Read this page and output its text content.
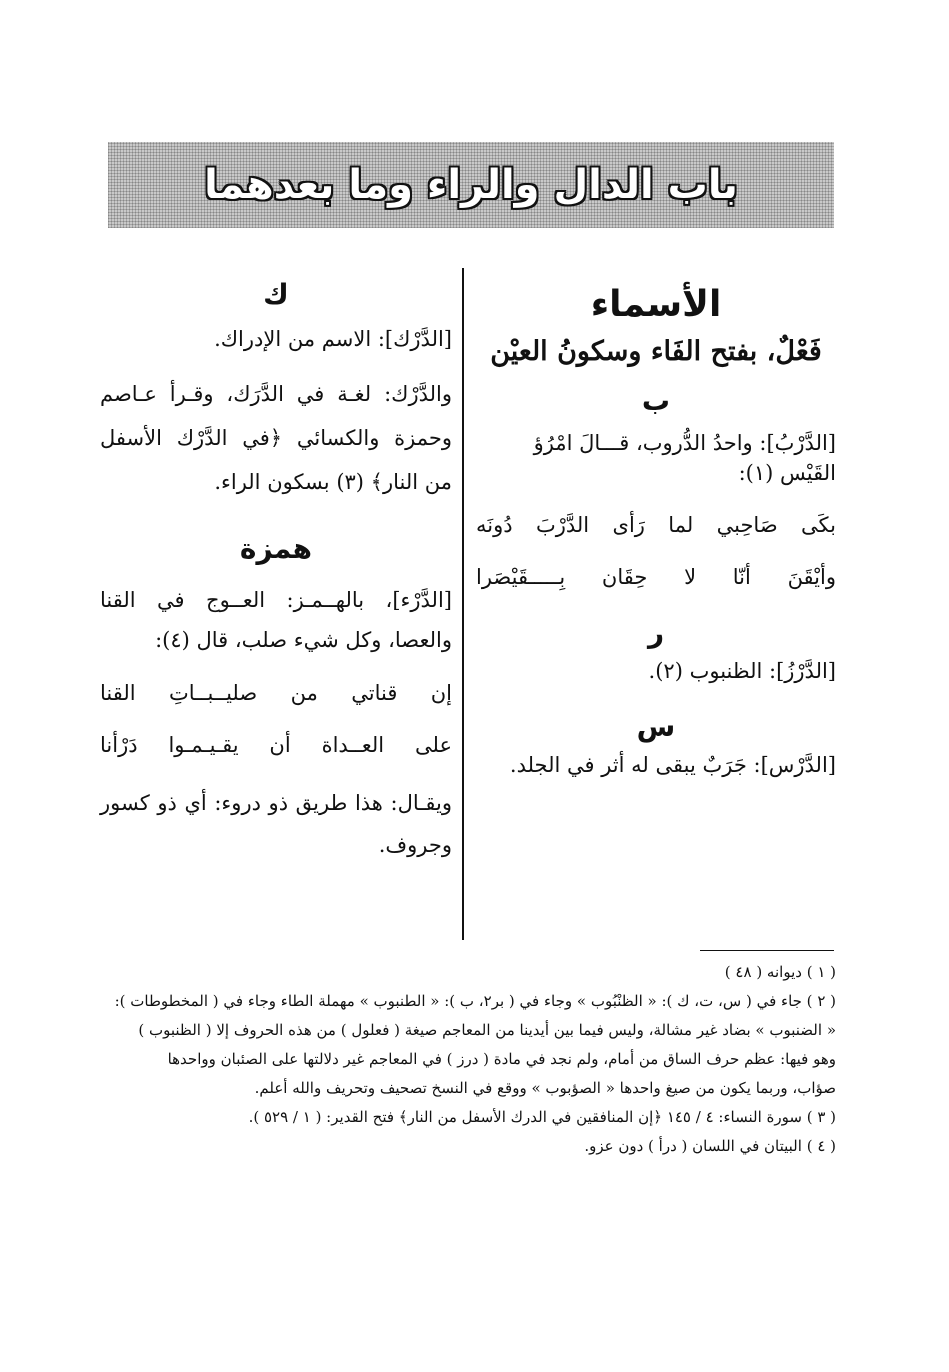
باب الدال والراء وما بعدهما

الأسماء

فَعْلٌ، بفتح الفَاء وسكونُ العيْن

ب

[الدَّرْبُ]: واحدُ الدُّروب، قـــالَ امْرُؤ القَيْس (١):

بكَى صَاحِبي لما رَأى الدَّرْبَ دُونَه

وأيْقَنَ أنّا لا حِقَان بِـــــقَيْصَرا

ر

[الدَّرْزُ]: الظنبوب (٢).

س

[الدَّرْس]: جَرَبٌ يبقى له أثر في الجلد.

ك

[الدَّرْك]: الاسم من الإدراك.

والدَّرْك: لغـة في الدَّرَك، وقـرأ عـاصم وحمزة والكسائي ﴿في الدَّرْك الأسفل من النار﴾ (٣) بسكون الراء.

همزة

[الدَّرْء]، بالهــمـز: العــوج في القنا والعصا، وكل شيء صلب، قال (٤):

إن قناتي من صليــبــاتِ القنا

على العــداة أن يقـيـمـوا دَرْأنا

ويقـال: هذا طريق ذو دروء: أي ذو كسور وجروف.

( ١ ) ديوانه ( ٤٨ )

( ٢ ) جاء في ( س، ت، ك ): « الظنْبُوب » وجاء في ( بر٢، ب ): « الطنبوب » مهملة الطاء وجاء في ( المخطوطات ):

« الضنبوب » بضاد غير مشالة، وليس فيما بين أيدينا من المعاجم صيغة ( فعلول ) من هذه الحروف إلا ( الظنبوب )

وهو فيها: عظم حرف الساق من أمام، ولم نجد في مادة ( درز ) في المعاجم غير دلالتها على الصئبان وواحدها

صؤاب، وربما يكون من صيغ واحدها « الصؤبوب » ووقع في النسخ تصحيف وتحريف والله أعلم.

( ٣ ) سورة النساء: ٤ / ١٤٥ ﴿إن المنافقين في الدرك الأسفل من النار﴾ فتح القدير: ( ١ / ٥٢٩ ).

( ٤ ) البيتان في اللسان ( درأ ) دون عزو.
